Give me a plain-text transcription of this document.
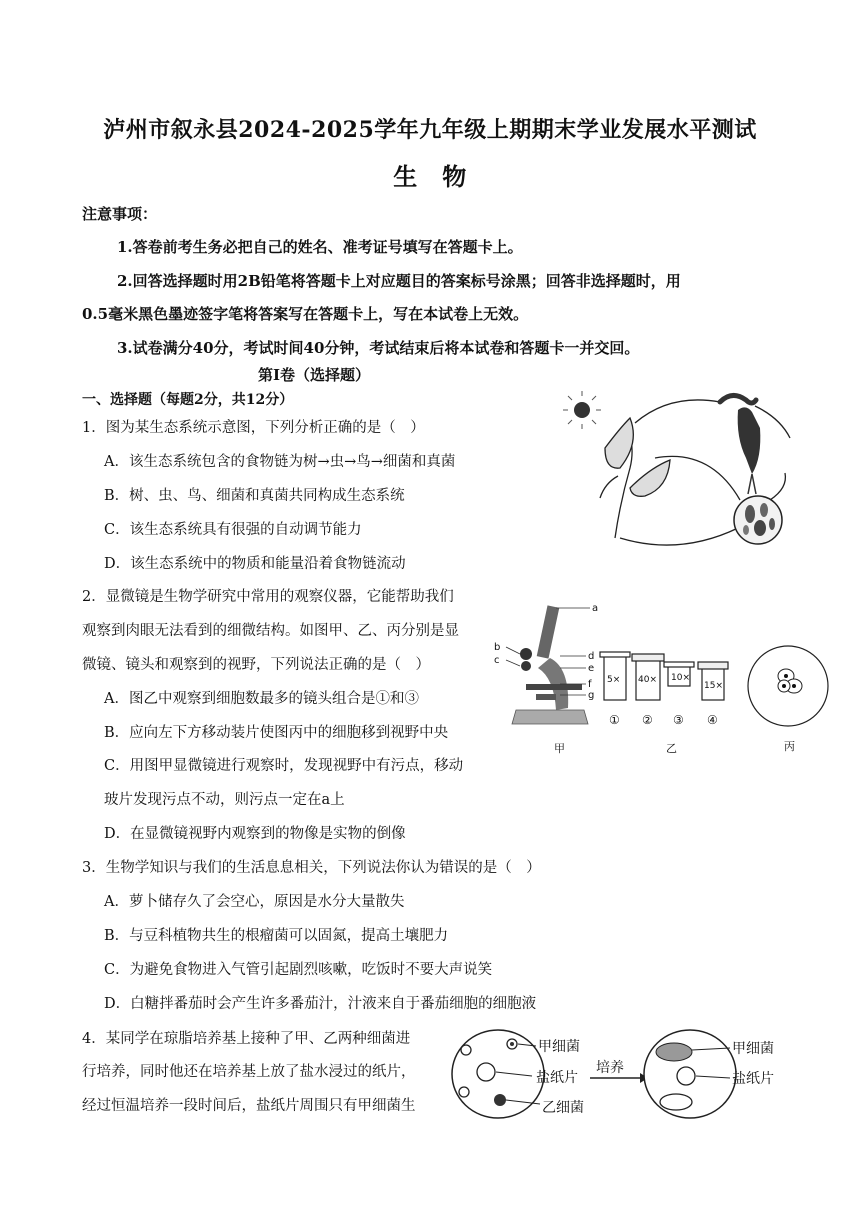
泸州市叙永县2024-2025学年九年级上期期末学业发展水平测试
生　物
注意事项：
1.答卷前考生务必把自己的姓名、准考证号填写在答题卡上。
2.回答选择题时用2B铅笔将答题卡上对应题目的答案标号涂黑；回答非选择题时，用
0.5毫米黑色墨迹签字笔将答案写在答题卡上，写在本试卷上无效。
3.试卷满分40分，考试时间40分钟，考试结束后将本试卷和答题卡一并交回。
第Ⅰ卷（选择题）
一、选择题（每题2分，共12分）
1．图为某生态系统示意图，下列分析正确的是（　）
A．该生态系统包含的食物链为树→虫→鸟→细菌和真菌
B．树、虫、鸟、细菌和真菌共同构成生态系统
C．该生态系统具有很强的自动调节能力
D．该生态系统中的物质和能量沿着食物链流动
2．显微镜是生物学研究中常用的观察仪器，它能帮助我们
观察到肉眼无法看到的细微结构。如图甲、乙、丙分别是显
微镜、镜头和观察到的视野，下列说法正确的是（　）
A．图乙中观察到细胞数最多的镜头组合是①和③
B．应向左下方移动装片使图丙中的细胞移到视野中央
C．用图甲显微镜进行观察时，发现视野中有污点，移动
玻片发现污点不动，则污点一定在a上
D．在显微镜视野内观察到的物像是实物的倒像
a
b
c	d
e
f
g
5× 40× 10×
15×
① ② ③ ④
甲	乙	丙
3．生物学知识与我们的生活息息相关，下列说法你认为错误的是（　）
A．萝卜储存久了会空心，原因是水分大量散失
B．与豆科植物共生的根瘤菌可以固氮，提高土壤肥力
C．为避免食物进入气管引起剧烈咳嗽，吃饭时不要大声说笑
D．白糖拌番茄时会产生许多番茄汁，汁液来自于番茄细胞的细胞液
4．某同学在琼脂培养基上接种了甲、乙两种细菌进
行培养，同时他还在培养基上放了盐水浸过的纸片，
经过恒温培养一段时间后，盐纸片周围只有甲细菌生
甲细菌
盐纸片
乙细菌
培养
甲细菌
盐纸片
